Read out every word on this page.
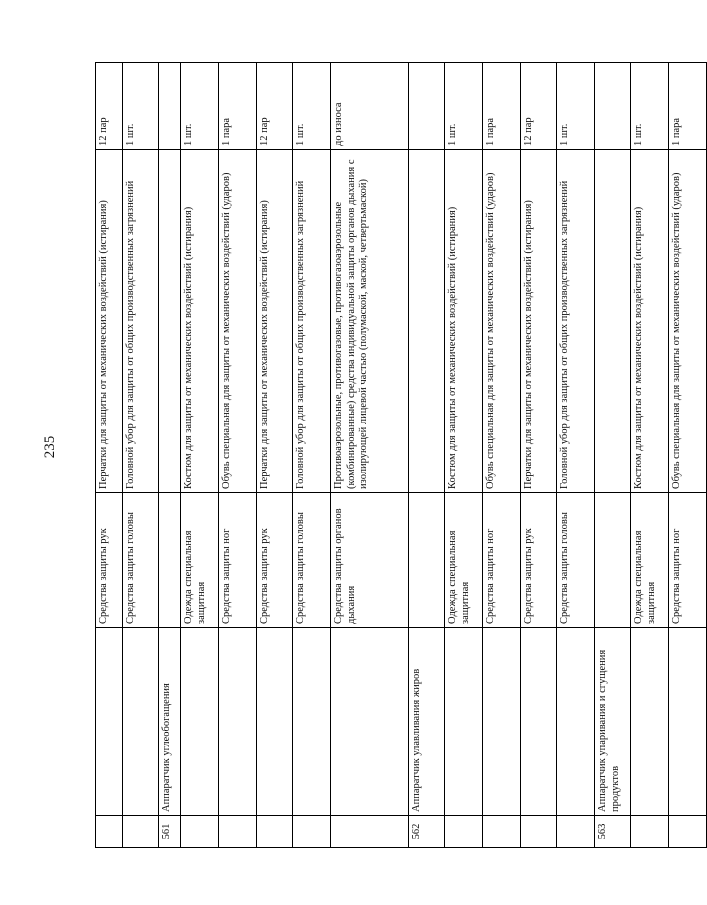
235
		Средства защиты рук	Перчатки для защиты от механических воздействий (истирания)	12 пар
		Средства защиты головы	Головной убор для защиты от общих производственных загрязнений	1 шт.
561	Аппаратчик углеобогащения			
		Одежда специальная защитная	Костюм для защиты от механических воздействий (истирания)	1 шт.
		Средства защиты ног	Обувь специальная для защиты от механических воздействий (ударов)	1 пара
		Средства защиты рук	Перчатки для защиты от механических воздействий (истирания)	12 пар
		Средства защиты головы	Головной убор для защиты от общих производственных загрязнений	1 шт.
		Средства защиты органов дыхания	Противоаэрозольные, противогазовые, противогазоаэрозольные (комбинированные) средства индивидуальной защиты органов дыхания с изолирующей лицевой частью (полумаской, маской, четвертьмаской)	до износа
562	Аппаратчик улавливания жиров			
		Одежда специальная защитная	Костюм для защиты от механических воздействий (истирания)	1 шт.
		Средства защиты ног	Обувь специальная для защиты от механических воздействий (ударов)	1 пара
		Средства защиты рук	Перчатки для защиты от механических воздействий (истирания)	12 пар
		Средства защиты головы	Головной убор для защиты от общих производственных загрязнений	1 шт.
563	Аппаратчик упаривания и сгущения продуктов			
		Одежда специальная защитная	Костюм для защиты от механических воздействий (истирания)	1 шт.
		Средства защиты ног	Обувь специальная для защиты от механических воздействий (ударов)	1 пара
